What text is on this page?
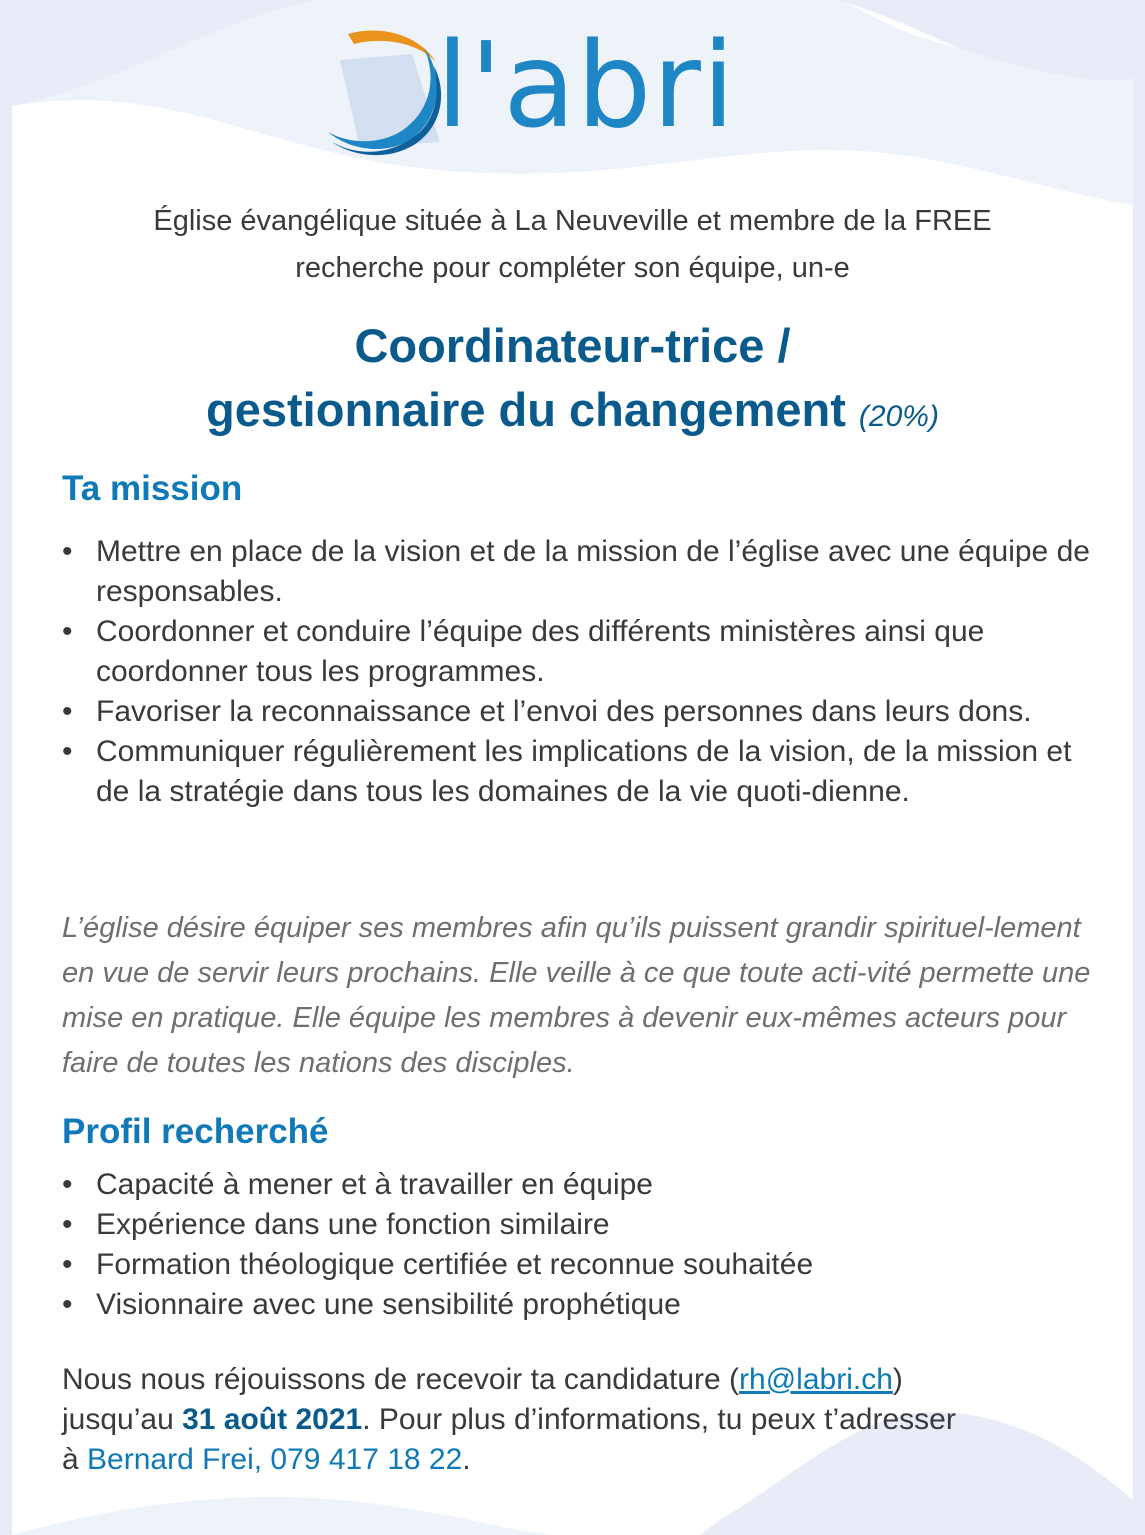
l'abri
Église évangélique située à La Neuveville et membre de la FREE
recherche pour compléter son équipe, un-e
Coordinateur-trice /
gestionnaire du changement (20%)
Ta mission
• Mettre en place de la vision et de la mission de l’église avec une équipe de responsables.
• Coordonner et conduire l’équipe des différents ministères ainsi que coordonner tous les programmes.
• Favoriser la reconnaissance et l’envoi des personnes dans leurs dons.
• Communiquer régulièrement les implications de la vision, de la mission et de la stratégie dans tous les domaines de la vie quoti-dienne.
L’église désire équiper ses membres afin qu’ils puissent grandir spirituel-lement en vue de servir leurs prochains. Elle veille à ce que toute acti-vité permette une mise en pratique. Elle équipe les membres à devenir eux-mêmes acteurs pour faire de toutes les nations des disciples.
Profil recherché
• Capacité à mener et à travailler en équipe
• Expérience dans une fonction similaire
• Formation théologique certifiée et reconnue souhaitée
• Visionnaire avec une sensibilité prophétique
Nous nous réjouissons de recevoir ta candidature (rh@labri.ch)
jusqu’au 31 août 2021. Pour plus d’informations, tu peux t’adresser
à Bernard Frei, 079 417 18 22.
